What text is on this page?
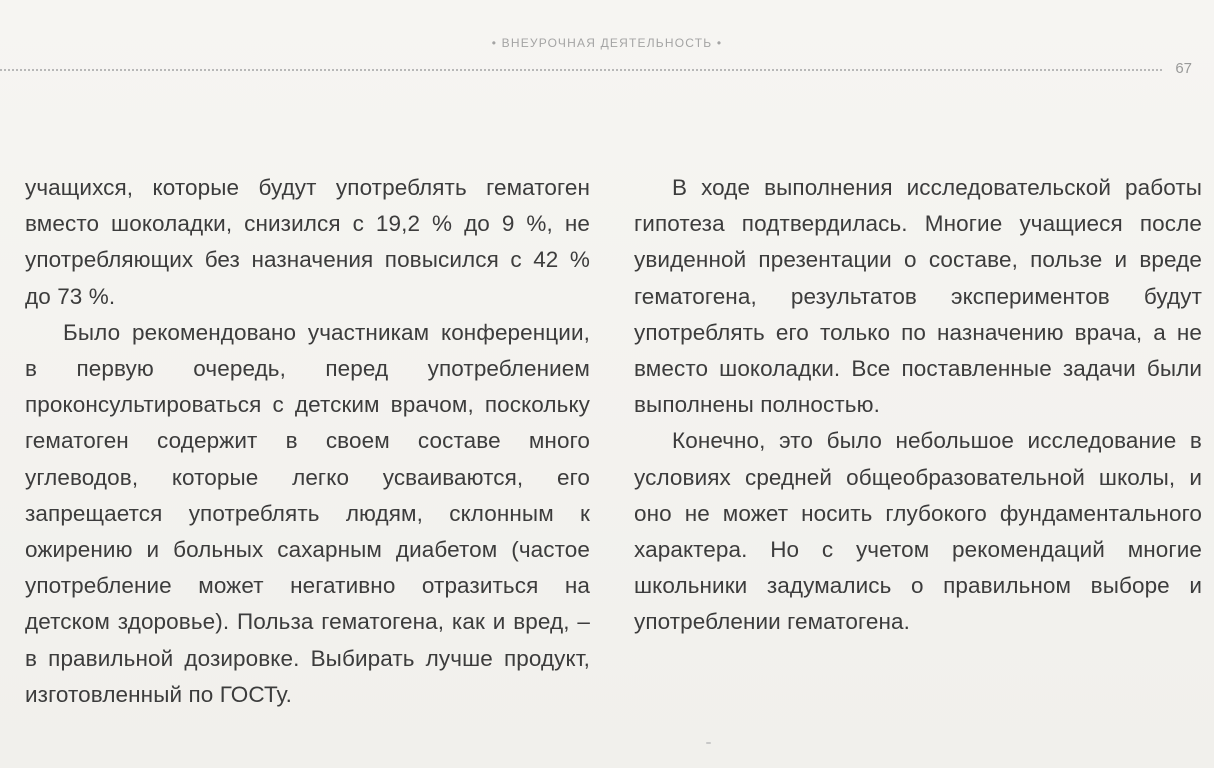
• ВНЕУРОЧНАЯ ДЕЯТЕЛЬНОСТЬ •
67

учащихся, которые будут употреблять гематоген вместо шоколадки, снизился с 19,2 % до 9 %, не употребляющих без назначения повысился с 42 % до 73 %.

Было рекомендовано участникам конференции, в первую очередь, перед употреблением проконсультироваться с детским врачом, поскольку гематоген содержит в своем составе много углеводов, которые легко усваиваются, его запрещается употреблять людям, склонным к ожирению и больных сахарным диабетом (частое употребление может негативно отразиться на детском здоровье). Польза гематогена, как и вред, – в правильной дозировке. Выбирать лучше продукт, изготовленный по ГОСТу.

В ходе выполнения исследовательской работы гипотеза подтвердилась. Многие учащиеся после увиденной презентации о составе, пользе и вреде гематогена, результатов экспериментов будут употреблять его только по назначению врача, а не вместо шоколадки. Все поставленные задачи были выполнены полностью.

Конечно, это было небольшое исследование в условиях средней общеобразовательной школы, и оно не может носить глубокого фундаментального характера. Но с учетом рекомендаций многие школьники задумались о правильном выборе и употреблении гематогена.
